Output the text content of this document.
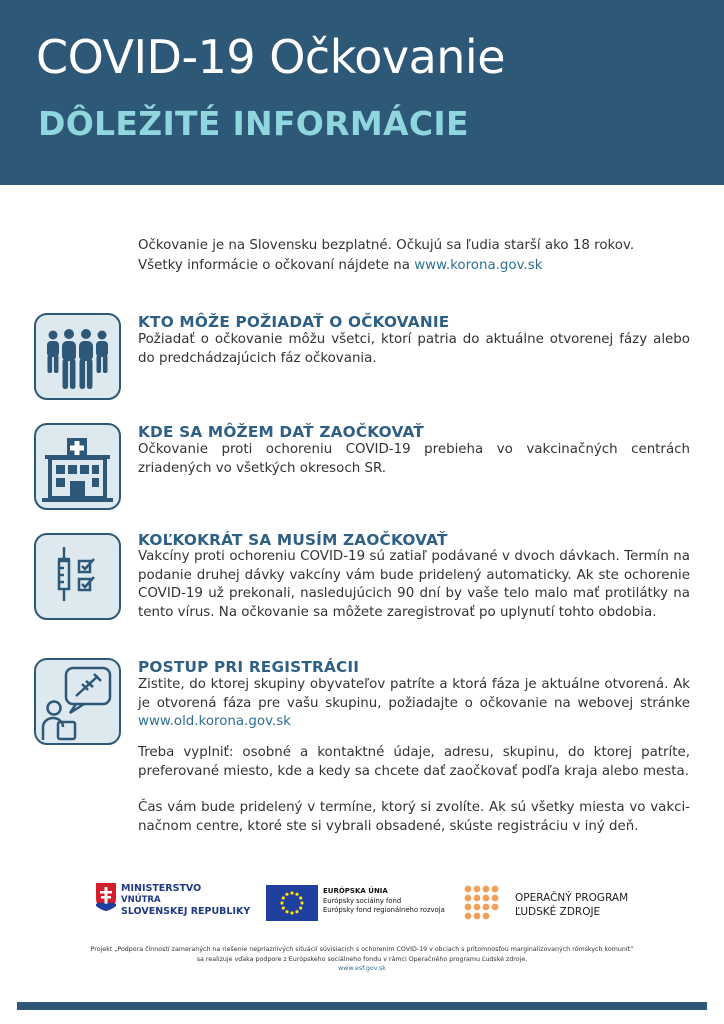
COVID-19 Očkovanie
DÔLEŽITÉ INFORMÁCIE

Očkovanie je na Slovensku bezplatné. Očkujú sa ľudia starší ako 18 rokov.

Všetky informácie o očkovaní nájdete na www.korona.gov.sk

KTO MÔŽE POŽIADAŤ O OČKOVANIE

Požiadať o očkovanie môžu všetci, ktorí patria do aktuálne otvorenej fázy alebo do predchádzajúcich fáz očkovania.

KDE SA MÔŽEM DAŤ ZAOČKOVAŤ

Očkovanie proti ochoreniu COVID-19 prebieha vo vakcinačných centrách zriadených vo všetkých okresoch SR.

KOĽKOKRÁT SA MUSÍM ZAOČKOVAŤ

Vakcíny proti ochoreniu COVID-19 sú zatiaľ podávané v dvoch dávkach. Termín na podanie druhej dávky vakcíny vám bude pridelený automaticky. Ak ste ochorenie COVID-19 už prekonali, nasledujúcich 90 dní by vaše telo malo mať protilátky na tento vírus. Na očkovanie sa môžete zaregistrovať po uplynutí tohto obdobia.

POSTUP PRI REGISTRÁCII

Zistite, do ktorej skupiny obyvateľov patríte a ktorá fáza je aktuálne otvorená. Ak je otvorená fáza pre vašu skupinu, požiadajte o očkovanie na webovej stránke www.old.korona.gov.sk

Treba vyplniť: osobné a kontaktné údaje, adresu, skupinu, do ktorej patríte, preferované miesto, kde a kedy sa chcete dať zaočkovať podľa kraja alebo mesta.

Čas vám bude pridelený v termíne, ktorý si zvolíte. Ak sú všetky miesta vo vakci-načnom centre, ktoré ste si vybrali obsadené, skúste registráciu v iný deň.

MINISTERSTVO
VNÚTRA
SLOVENSKEJ REPUBLIKY
EURÓPSKA ÚNIA
Európsky sociálny fond
Európsky fond regionálneho rozvoja
OPERAČNÝ PROGRAM
ĽUDSKÉ ZDROJE
Projekt „Podpora činností zameraných na riešenie nepriaznivých situácií súvisiacich s ochorením COVID-19 v obciach s prítomnosťou marginalizovaných rómskych komunít“
sa realizuje vďaka podpore z Európskeho sociálneho fondu v rámci Operačného programu Ľudské zdroje.
www.esf.gov.sk
